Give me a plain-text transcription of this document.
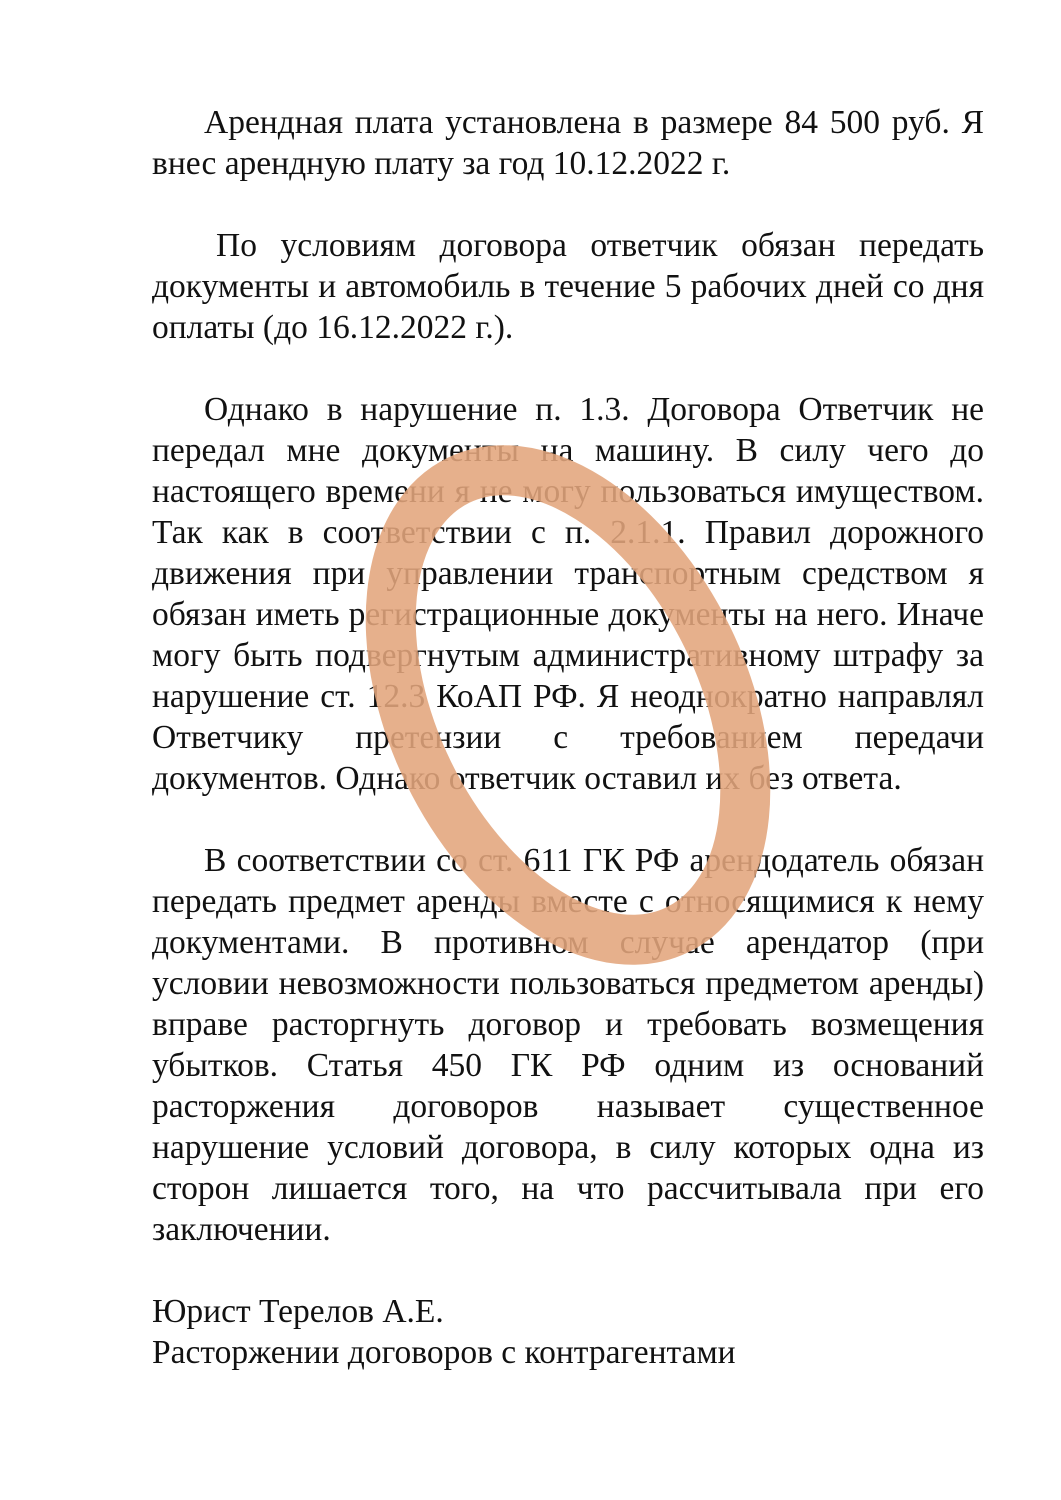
Арендная плата установлена в размере 84 500 руб. Я внес арендную плату за год 10.12.2022 г.

По условиям договора ответчик обязан передать документы и автомобиль в течение 5 рабочих дней со дня оплаты (до 16.12.2022 г.).

Однако в нарушение п. 1.3. Договора Ответчик не передал мне документы на машину. В силу чего до настоящего времени я не могу пользоваться имуществом. Так как в соответствии с п. 2.1.1. Правил дорожного движения при управлении транспортным средством я обязан иметь регистрационные документы на него. Иначе могу быть подвергнутым административному штрафу за нарушение ст. 12.3 КоАП РФ. Я неоднократно направлял Ответчику претензии с требованием передачи документов. Однако ответчик оставил их без ответа.

В соответствии со ст. 611 ГК РФ арендодатель обязан передать предмет аренды вместе с относящимися к нему документами. В противном случае арендатор (при условии невозможности пользоваться предметом аренды) вправе расторгнуть договор и требовать возмещения убытков. Статья 450 ГК РФ одним из оснований расторжения договоров называет существенное нарушение условий договора, в силу которых одна из сторон лишается того, на что рассчитывала при его заключении.

Юрист Терелов А.Е.
Расторжении договоров с контрагентами
